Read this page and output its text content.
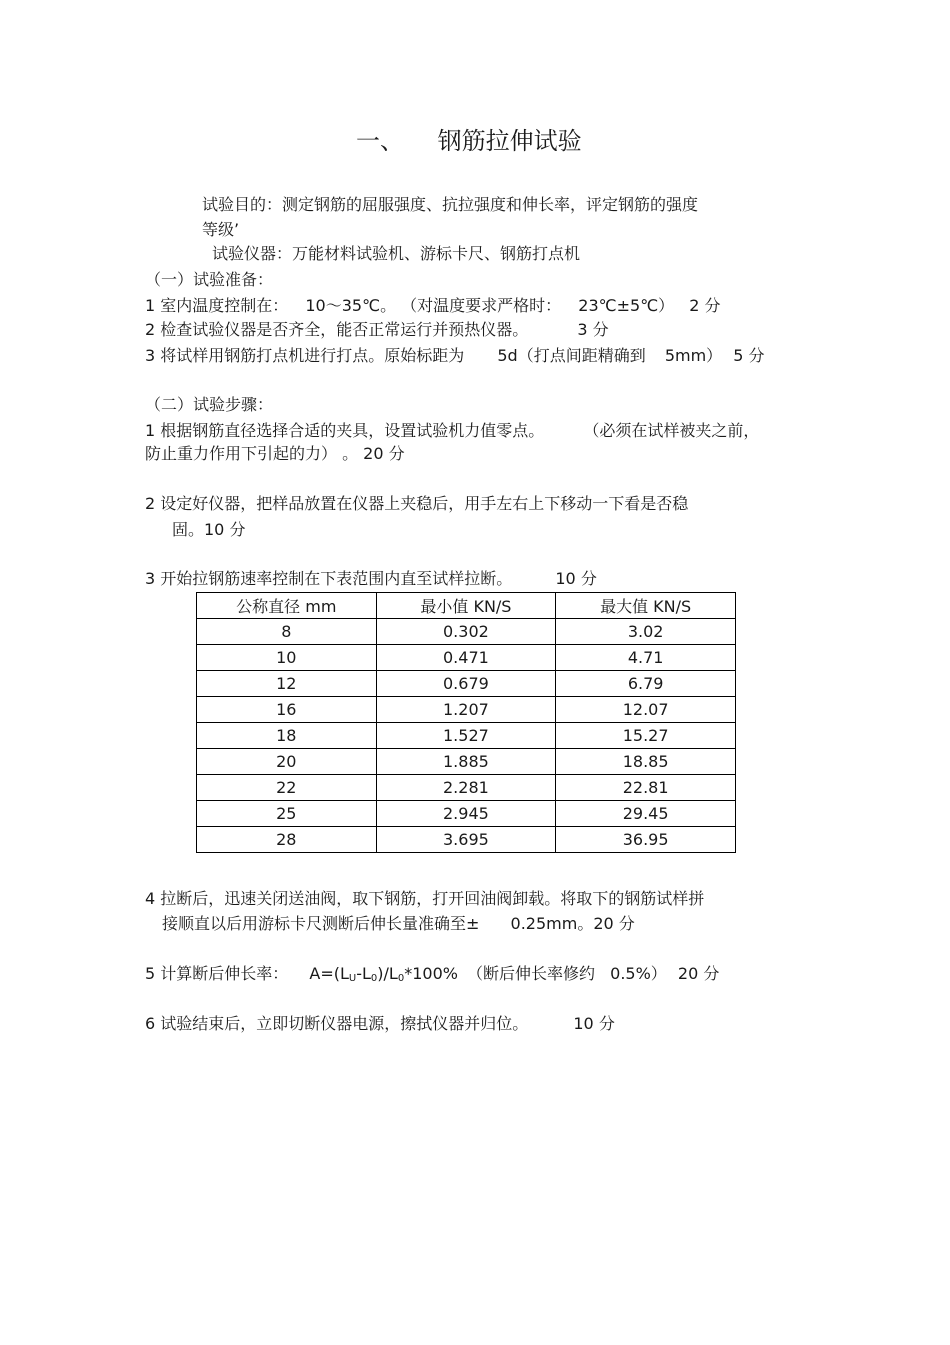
一、 钢筋拉伸试验
试验目的：测定钢筋的屈服强度、抗拉强度和伸长率，评定钢筋的强度
等级’
试验仪器：万能材料试验机、游标卡尺、钢筋打点机
（一）试验准备：
1 室内温度控制在： 10～35℃。 （对温度要求严格时： 23℃±5℃） 2 分
2 检查试验仪器是否齐全，能否正常运行并预热仪器。	3 分
3 将试样用钢筋打点机进行打点。原始标距为 5d（打点间距精确到 5mm） 5 分
（二）试验步骤：
1 根据钢筋直径选择合适的夹具，设置试验机力值零点。 （必须在试样被夹之前，
防止重力作用下引起的力） 。 20 分
2 设定好仪器，把样品放置在仪器上夹稳后，用手左右上下移动一下看是否稳
固。10 分
3 开始拉钢筋速率控制在下表范围内直至试样拉断。	10 分
公称直径 mm	最小值 KN/S	最大值 KN/S
8	0.302	3.02
10	0.471	4.71
12	0.679	6.79
16	1.207	12.07
18	1.527	15.27
20	1.885	18.85
22	2.281	22.81
25	2.945	29.45
28	3.695	36.95
4 拉断后，迅速关闭送油阀，取下钢筋，打开回油阀卸载。将取下的钢筋试样拼
接顺直以后用游标卡尺测断后伸长量准确至± 0.25mm。20 分
5 计算断后伸长率： $A=(L_U-L_0)/L_0*100\%$ （断后伸长率修约 0.5%） 20 分
6 试验结束后，立即切断仪器电源，擦拭仪器并归位。	10 分
